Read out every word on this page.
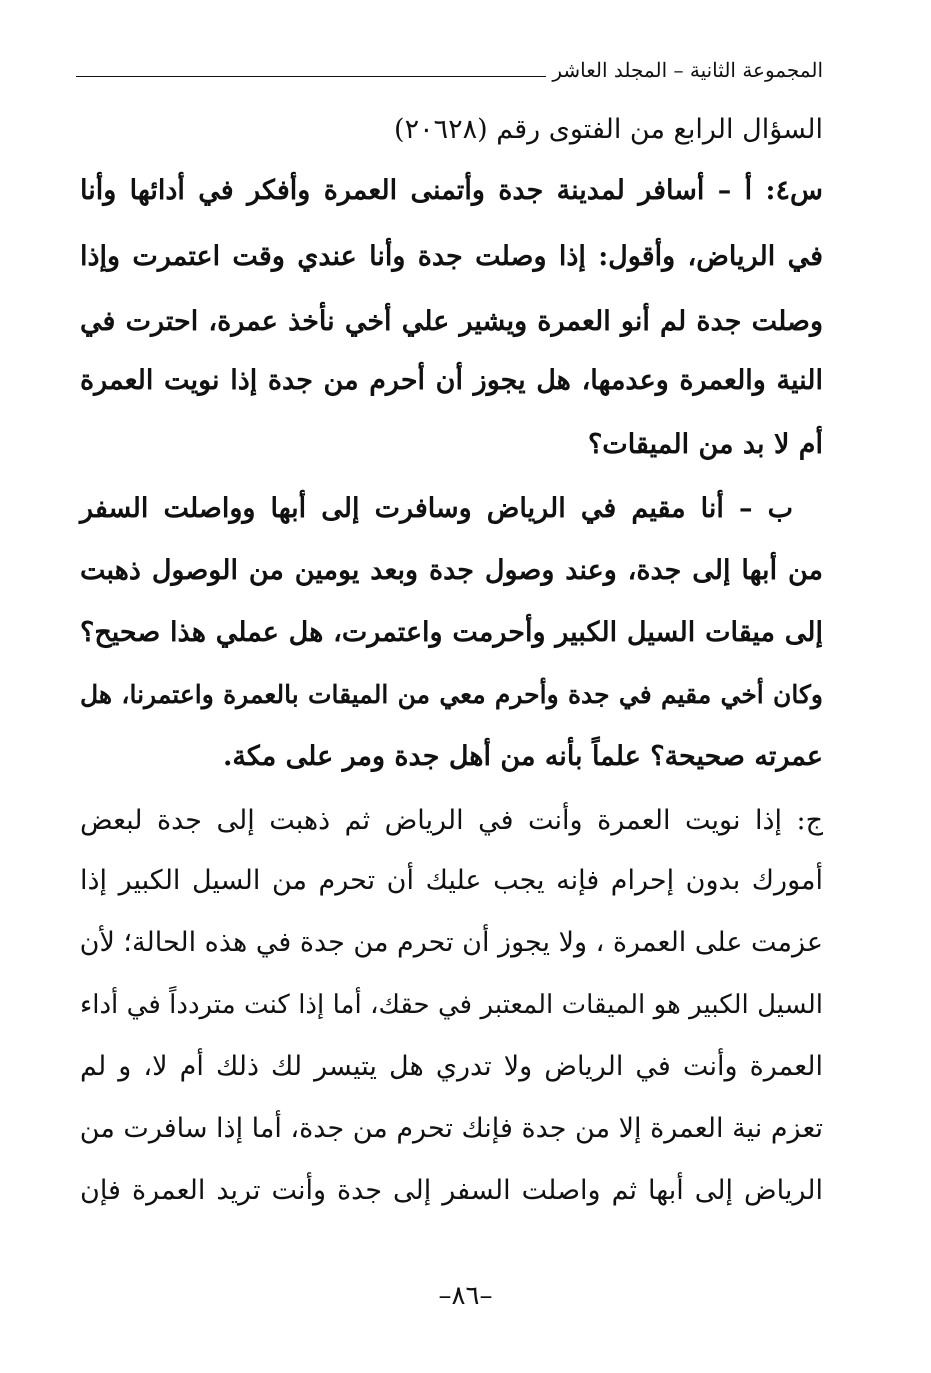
المجموعة الثانية – المجلد العاشر
السؤال الرابع من الفتوى رقم (٢٠٦٢٨)
س٤: أ – أسافر لمدينة جدة وأتمنى العمرة وأفكر في أدائها وأنا
في الرياض، وأقول: إذا وصلت جدة وأنا عندي وقت اعتمرت وإذا
وصلت جدة لم أنو العمرة ويشير علي أخي نأخذ عمرة، احترت في
النية والعمرة وعدمها، هل يجوز أن أحرم من جدة إذا نويت العمرة
أم لا بد من الميقات؟
ب – أنا مقيم في الرياض وسافرت إلى أبها وواصلت السفر
من أبها إلى جدة، وعند وصول جدة وبعد يومين من الوصول ذهبت
إلى ميقات السيل الكبير وأحرمت واعتمرت، هل عملي هذا صحيح؟
وكان أخي مقيم في جدة وأحرم معي من الميقات بالعمرة واعتمرنا، هل
عمرته صحيحة؟ علماً بأنه من أهل جدة ومر على مكة.
ج: إذا نويت العمرة وأنت في الرياض ثم ذهبت إلى جدة لبعض
أمورك بدون إحرام فإنه يجب عليك أن تحرم من السيل الكبير إذا
عزمت على العمرة ، ولا يجوز أن تحرم من جدة في هذه الحالة؛ لأن
السيل الكبير هو الميقات المعتبر في حقك، أما إذا كنت متردداً في أداء
العمرة وأنت في الرياض ولا تدري هل يتيسر لك ذلك أم لا، و لم
تعزم نية العمرة إلا من جدة فإنك تحرم من جدة، أما إذا سافرت من
الرياض إلى أبها ثم واصلت السفر إلى جدة وأنت تريد العمرة فإن
–٨٦–
